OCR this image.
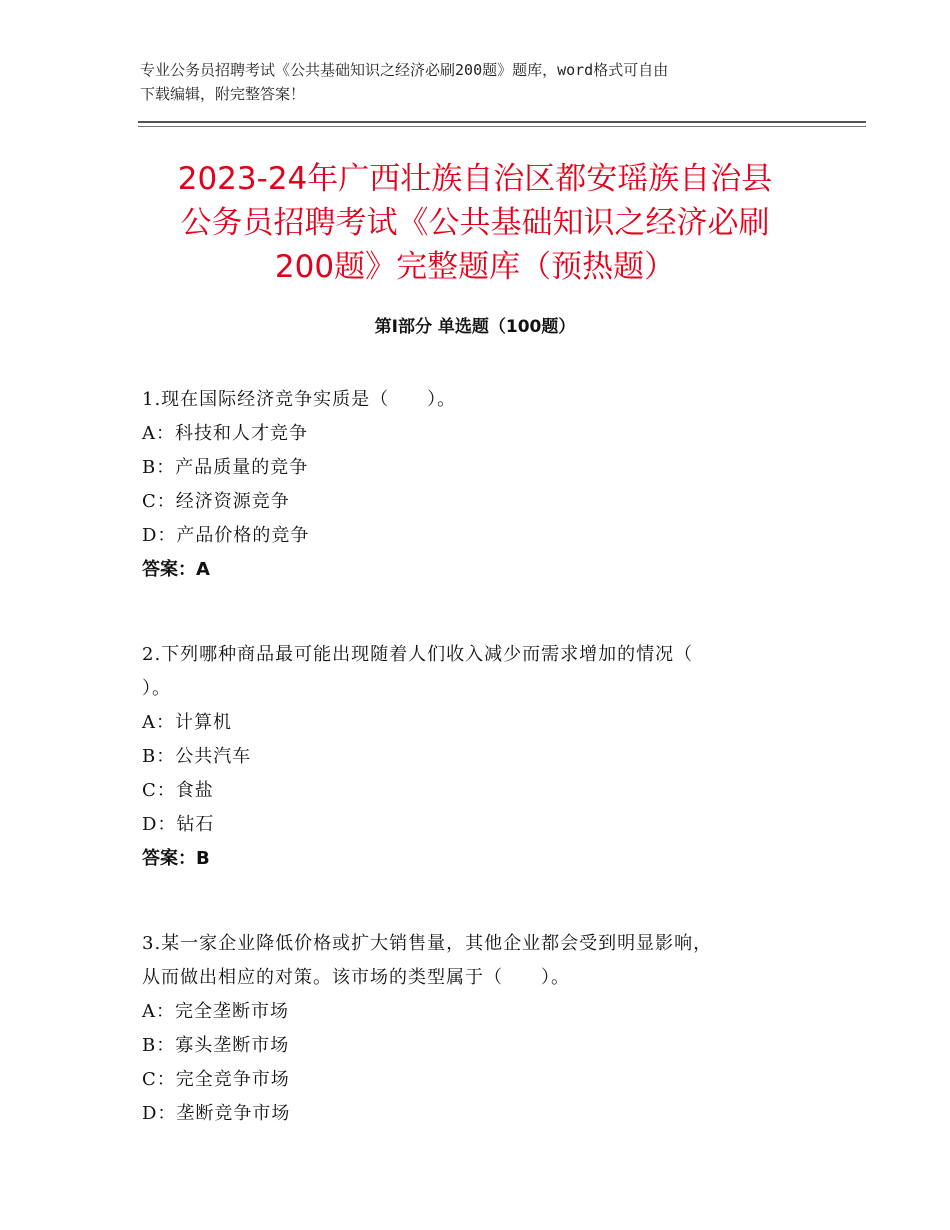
专业公务员招聘考试《公共基础知识之经济必刷200题》题库，word格式可自由
下载编辑，附完整答案！
2023-24年广西壮族自治区都安瑶族自治县
公务员招聘考试《公共基础知识之经济必刷
200题》完整题库（预热题）
第Ⅰ部分 单选题（100题）
1.现在国际经济竞争实质是（　　）。
A：科技和人才竞争
B：产品质量的竞争
C：经济资源竞争
D：产品价格的竞争
答案：A
2.下列哪种商品最可能出现随着人们收入减少而需求增加的情况（
）。
A：计算机
B：公共汽车
C：食盐
D：钻石
答案：B
3.某一家企业降低价格或扩大销售量，其他企业都会受到明显影响，
从而做出相应的对策。该市场的类型属于（　　）。
A：完全垄断市场
B：寡头垄断市场
C：完全竞争市场
D：垄断竞争市场
